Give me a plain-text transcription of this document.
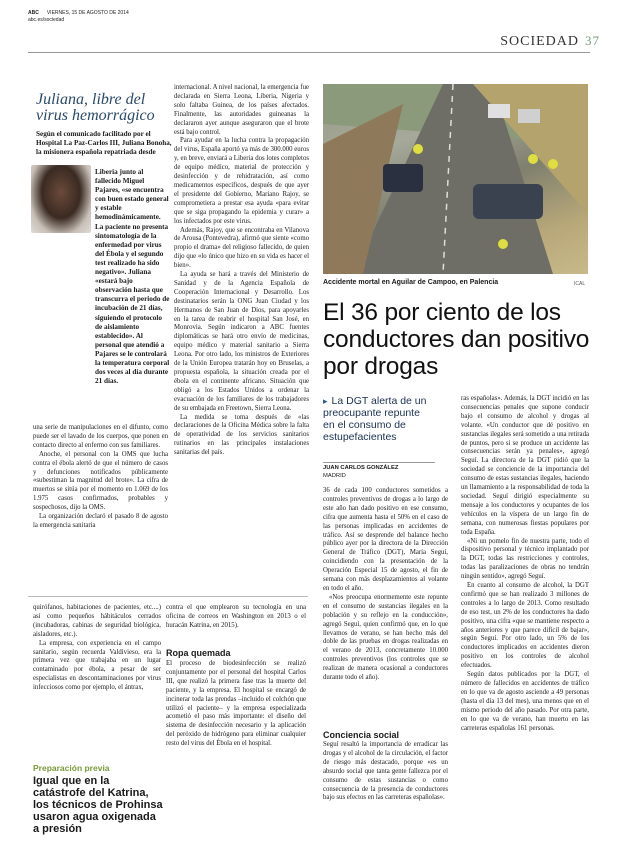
ABC VIERNES, 15 DE AGOSTO DE 2014
abc.es/sociedad
SOCIEDAD 37
Juliana, libre del virus hemorrágico
Según el comunicado facilitado por el Hospital La Paz-Carlos III, Juliana Bonoha, la misionera española repatriada desde
Liberia junto al fallecido Miguel Pajares, «se encuentra con buen estado general y estable hemodinámicamente. La paciente no presenta sintomatología de la enfermedad por virus del Ébola y el segundo test realizado ha sido negativo». Juliana «estará bajo observación hasta que transcurra el periodo de incubación de 21 días, siguiendo el protocolo de aislamiento establecido». Al personal que atendió a Pajares se le controlará la temperatura corporal dos veces al día durante 21 días.

una serie de manipulaciones en el difunto, como puede ser el lavado de los cuerpos, que ponen en contacto directo al enfermo con sus familiares.

Anoche, el personal con la OMS que lucha contra el ébola alertó de que el número de casos y defunciones notificados públicamente «subestiman la magnitud del brote». La cifra de muertos se sitúa por el momento en 1.069 de los 1.975 casos confirmados, probables y sospechosos, dijo la OMS.

La organización declaró el pasado 8 de agosto la emergencia sanitaria

internacional. A nivel nacional, la emergencia fue declarada en Sierra Leona, Liberia, Nigeria y solo faltaba Guinea, de los países afectados. Finalmente, las autoridades guineanas la declararon ayer aunque aseguraron que el brote está bajo control.

Para ayudar en la lucha contra la propagación del virus, España aportó ya más de 300.000 euros y, en breve, enviará a Liberia dos lotes completos de equipo médico, material de protección y desinfección y de rehidratación, así como medicamentos específicos, después de que ayer el presidente del Gobierno, Mariano Rajoy, se comprometiera a prestar esa ayuda «para evitar que se siga propagando la epidemia y curar» a los infectados por este virus.

Además, Rajoy, que se encontraba en Vilanova de Arousa (Pontevedra), afirmó que siente «como propio el drama» del religioso fallecido, de quien dijo que «lo único que hizo en su vida es hacer el bien».

La ayuda se hará a través del Ministerio de Sanidad y de la Agencia Española de Cooperación Internacional y Desarrollo. Los destinatarios serán la ONG Juan Ciudad y los Hermanos de San Juan de Dios, para apoyarles en la tarea de reabrir el hospital San José, en Monrovia. Según indicaron a ABC fuentes diplomáticas se hará otro envío de medicinas, equipo médico y material sanitario a Sierra Leona. Por otro lado, los ministros de Exteriores de la Unión Europea tratarán hoy en Bruselas, a propuesta española, la situación creada por el ébola en el continente africano. Situación que obligó a los Estados Unidos a ordenar la evacuación de los familiares de los trabajadores de su embajada en Freetown, Sierra Leona.

La medida se toma después de «las declaraciones de la Oficina Médica sobre la falta de operatividad de los servicios sanitarios rutinarios en las principales instalaciones sanitarias del país.

quirófanos, habitaciones de pacientes, etc....) así como pequeños hábitáculos cerrados (incubadoras, cabinas de seguridad biológica, aisladores, etc.).

La empresa, con experiencia en el campo sanitario, según recuerda Valdivieso, era la primera vez que trabajaba en un lugar contaminado por ébola, a pesar de ser especialistas en descontaminaciones por virus infecciosos como por ejemplo, el ántrax,

Preparación previa
Igual que en la catástrofe del Katrina, los técnicos de Prohinsa usaron agua oxigenada a presión

contra el que emplearon su tecnología en una oficina de correos en Washington en 2013 o el huracán Katrina, en 2015).

Ropa quemada

El proceso de biodesinfección se realizó conjuntamente por el personal del hospital Carlos III, que realizó la primera fase tras la muerte del paciente, y la empresa. El hospital se encargó de incinerar toda las prendas –incluido el colchón que utilizó el paciente– y la empresa especializada acometió el paso más importante: el diseño del sistema de desinfección necesario y la aplicación del peróxido de hidrógeno para eliminar cualquier resto del virus del Ébola en el hospital.

Accidente mortal en Aguilar de Campoo, en Palencia	ICAL
El 36 por ciento de los conductores dan positivo por drogas
▸ La DGT alerta de un preocupante repunte en el consumo de estupefacientes
JUAN CARLOS GONZÁLEZ
MADRID

36 de cada 100 conductores sometidos a controles preventivos de drogas a lo largo de este año han dado positivo en ese consumo, cifra que aumenta hasta el 50% en el caso de las personas implicadas en accidentes de tráfico. Así se desprende del balance hecho público ayer por la directora de la Dirección General de Tráfico (DGT), María Seguí, coincidiendo con la presentación de la Operación Especial 15 de agosto, el fin de semana con más desplazamientos al volante en todo el año.

«Nos preocupa enormemente este repunte en el consumo de sustancias ilegales en la población y su reflejo en la conducción», agregó Seguí, quien confirmó que, en lo que llevamos de verano, se han hecho más del doble de las pruebas en drogas realizadas en el verano de 2013, concretamente 10.000 controles preventivos (los controles que se realizan de manera ocasional a conductores durante todo el año).

Conciencia social

Seguí resaltó la importancia de erradicar las drogas y el alcohol de la circulación, el factor de riesgo más destacado, porque «es un absurdo social que tanta gente fallezca por el consumo de estas sustancias o como consecuencia de la presencia de conductores bajo sus efectos en las carreteras españolas».

ras españolas». Además, la DGT incidió en las consecuencias penales que supone conducir bajo el consumo de alcohol y drogas al volante. «Un conductor que dé positivo en sustancias ilegales será sometido a una retirada de puntos, pero si se produce un accidente las consecuencias serán ya penales», agregó Seguí. La directora de la DGT pidió que la sociedad se conciencie de la importancia del consumo de estas sustancias ilegales, haciendo un llamamiento a la responsabilidad de toda la sociedad. Seguí dirigió especialmente su mensaje a los conductores y ocupantes de los vehículos en la víspera de un largo fin de semana, con numerosas fiestas populares por toda España.

«Ni un pomelo fin de nuestra parte, todo el dispositivo personal y técnico implantado por la DGT, todas las restricciones y controles, todas las paralizaciones de obras no tendrán ningún sentido», agregó Seguí.

En cuanto al consumo de alcohol, la DGT confirmó que se han realizado 3 millones de controles a lo largo de 2013. Como resultado de eso test, un 2% de los conductores ha dado positivo, una cifra «que se mantiene respecto a años anteriores y que parece difícil de bajar», según Seguí. Por otro lado, un 5% de los conductores implicados en accidentes dieron positivo en los controles de alcohol efectuados.

Según datos publicados por la DGT, el número de fallecidos en accidentes de tráfico en lo que va de agosto asciende a 49 personas (hasta el día 13 del mes), una menos que en el mismo periodo del año pasado. Por otra parte, en lo que va de verano, han muerto en las carreteras españolas 161 personas.
